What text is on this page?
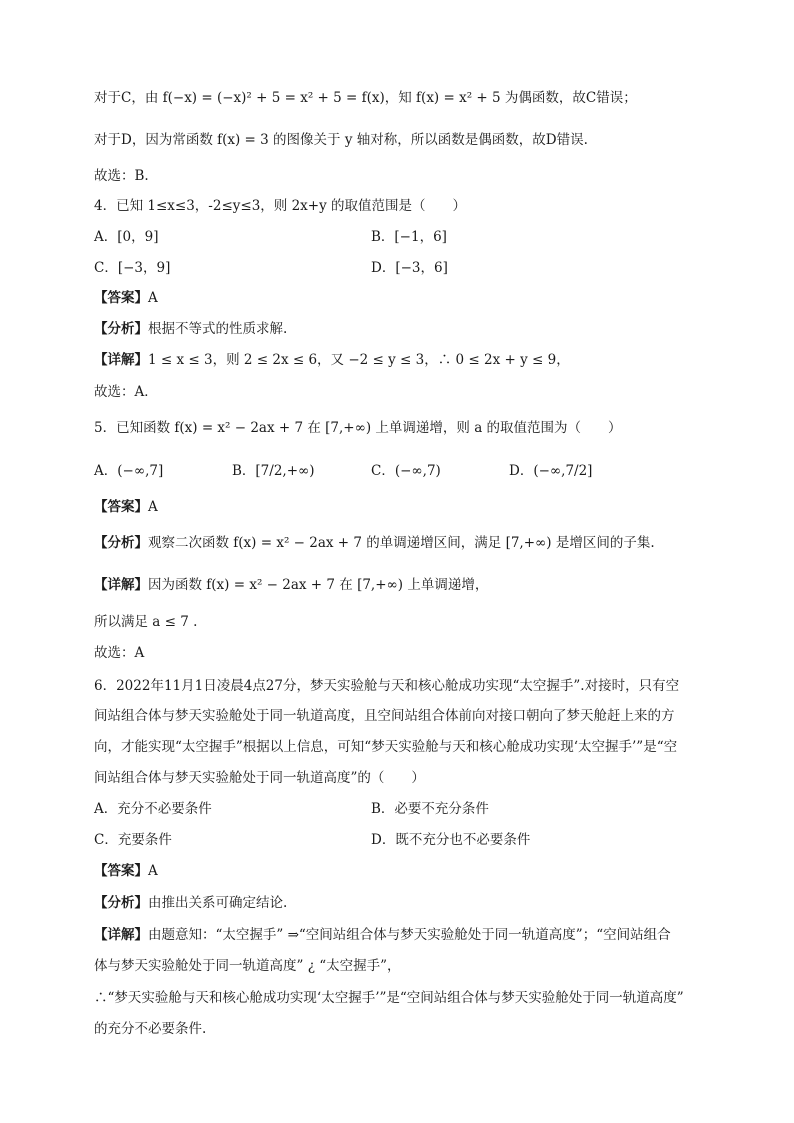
对于C，由 f(−x) = (−x)² + 5 = x² + 5 = f(x)，知 f(x) = x² + 5 为偶函数，故C错误；
对于D，因为常函数 f(x) = 3 的图像关于 y 轴对称，所以函数是偶函数，故D错误.
故选：B.
4．已知 1≤x≤3，-2≤y≤3，则 2x+y 的取值范围是（　　）
A．[0，9]	B．[−1，6]
C．[−3，9]	D．[−3，6]
【答案】A
【分析】根据不等式的性质求解.
【详解】1 ≤ x ≤ 3，则 2 ≤ 2x ≤ 6，又 −2 ≤ y ≤ 3，∴ 0 ≤ 2x + y ≤ 9，
故选：A．
5．已知函数 f(x) = x² − 2ax + 7 在 [7,+∞) 上单调递增，则 a 的取值范围为（　　）
A．(−∞,7]	B．[7/2,+∞)	C．(−∞,7)	D．(−∞,7/2]
【答案】A
【分析】观察二次函数 f(x) = x² − 2ax + 7 的单调递增区间，满足 [7,+∞) 是增区间的子集.
【详解】因为函数 f(x) = x² − 2ax + 7 在 [7,+∞) 上单调递增，
所以满足 a ≤ 7 .
故选：A
6．2022年11月1日凌晨4点27分，梦天实验舱与天和核心舱成功实现“太空握手”.对接时，只有空
间站组合体与梦天实验舱处于同一轨道高度，且空间站组合体前向对接口朝向了梦天舱赶上来的方
向，才能实现“太空握手”根据以上信息，可知“梦天实验舱与天和核心舱成功实现‘太空握手’”是“空
间站组合体与梦天实验舱处于同一轨道高度”的（　　）
A．充分不必要条件	B．必要不充分条件
C．充要条件	D．既不充分也不必要条件
【答案】A
【分析】由推出关系可确定结论.
【详解】由题意知：“太空握手” ⇒“空间站组合体与梦天实验舱处于同一轨道高度”；“空间站组合
体与梦天实验舱处于同一轨道高度” ¿ “太空握手”，
∴“梦天实验舱与天和核心舱成功实现‘太空握手’”是“空间站组合体与梦天实验舱处于同一轨道高度”
的充分不必要条件.
